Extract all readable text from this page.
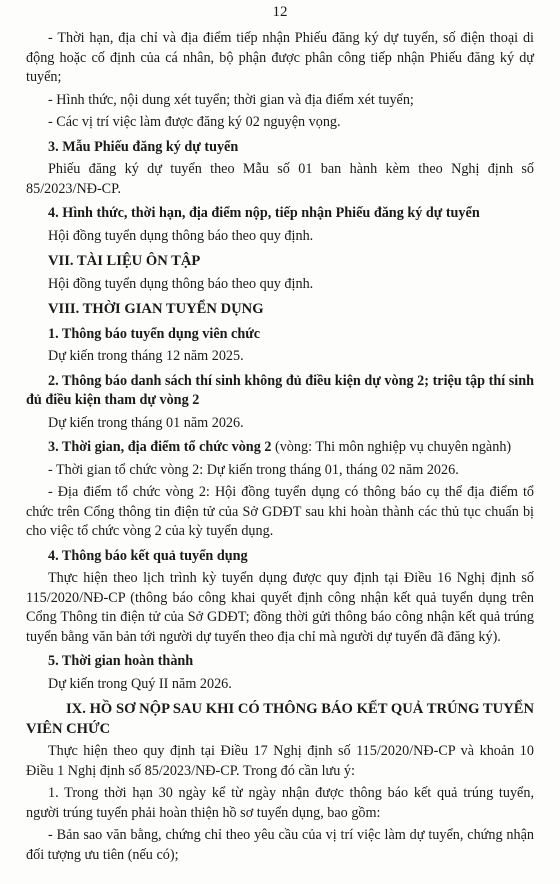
12

- Thời hạn, địa chỉ và địa điểm tiếp nhận Phiếu đăng ký dự tuyển, số điện thoại di động hoặc cố định của cá nhân, bộ phận được phân công tiếp nhận Phiếu đăng ký dự tuyển;

- Hình thức, nội dung xét tuyển; thời gian và địa điểm xét tuyển;

- Các vị trí việc làm được đăng ký 02 nguyện vọng.

3. Mẫu Phiếu đăng ký dự tuyển

Phiếu đăng ký dự tuyển theo Mẫu số 01 ban hành kèm theo Nghị định số 85/2023/NĐ-CP.

4. Hình thức, thời hạn, địa điểm nộp, tiếp nhận Phiếu đăng ký dự tuyển

Hội đồng tuyển dụng thông báo theo quy định.

VII. TÀI LIỆU ÔN TẬP

Hội đồng tuyển dụng thông báo theo quy định.

VIII. THỜI GIAN TUYỂN DỤNG

1. Thông báo tuyển dụng viên chức

Dự kiến trong tháng 12 năm 2025.

2. Thông báo danh sách thí sinh không đủ điều kiện dự vòng 2; triệu tập thí sinh đủ điều kiện tham dự vòng 2

Dự kiến trong tháng 01 năm 2026.

3. Thời gian, địa điểm tổ chức vòng 2 (vòng: Thi môn nghiệp vụ chuyên ngành)

- Thời gian tổ chức vòng 2: Dự kiến trong tháng 01, tháng 02 năm 2026.

- Địa điểm tổ chức vòng 2: Hội đồng tuyển dụng có thông báo cụ thể địa điểm tổ chức trên Cổng thông tin điện tử của Sở GDĐT sau khi hoàn thành các thủ tục chuẩn bị cho việc tổ chức vòng 2 của kỳ tuyển dụng.

4. Thông báo kết quả tuyển dụng

Thực hiện theo lịch trình kỳ tuyển dụng được quy định tại Điều 16 Nghị định số 115/2020/NĐ-CP (thông báo công khai quyết định công nhận kết quả tuyển dụng trên Cổng Thông tin điện tử của Sở GDĐT; đồng thời gửi thông báo công nhận kết quả trúng tuyển bằng văn bản tới người dự tuyển theo địa chỉ mà người dự tuyển đã đăng ký).

5. Thời gian hoàn thành

Dự kiến trong Quý II năm 2026.

IX. HỒ SƠ NỘP SAU KHI CÓ THÔNG BÁO KẾT QUẢ TRÚNG TUYỂN VIÊN CHỨC

Thực hiện theo quy định tại Điều 17 Nghị định số 115/2020/NĐ-CP và khoản 10 Điều 1 Nghị định số 85/2023/NĐ-CP. Trong đó cần lưu ý:

1. Trong thời hạn 30 ngày kể từ ngày nhận được thông báo kết quả trúng tuyển, người trúng tuyển phải hoàn thiện hồ sơ tuyển dụng, bao gồm:

- Bản sao văn bằng, chứng chỉ theo yêu cầu của vị trí việc làm dự tuyển, chứng nhận đối tượng ưu tiên (nếu có);
